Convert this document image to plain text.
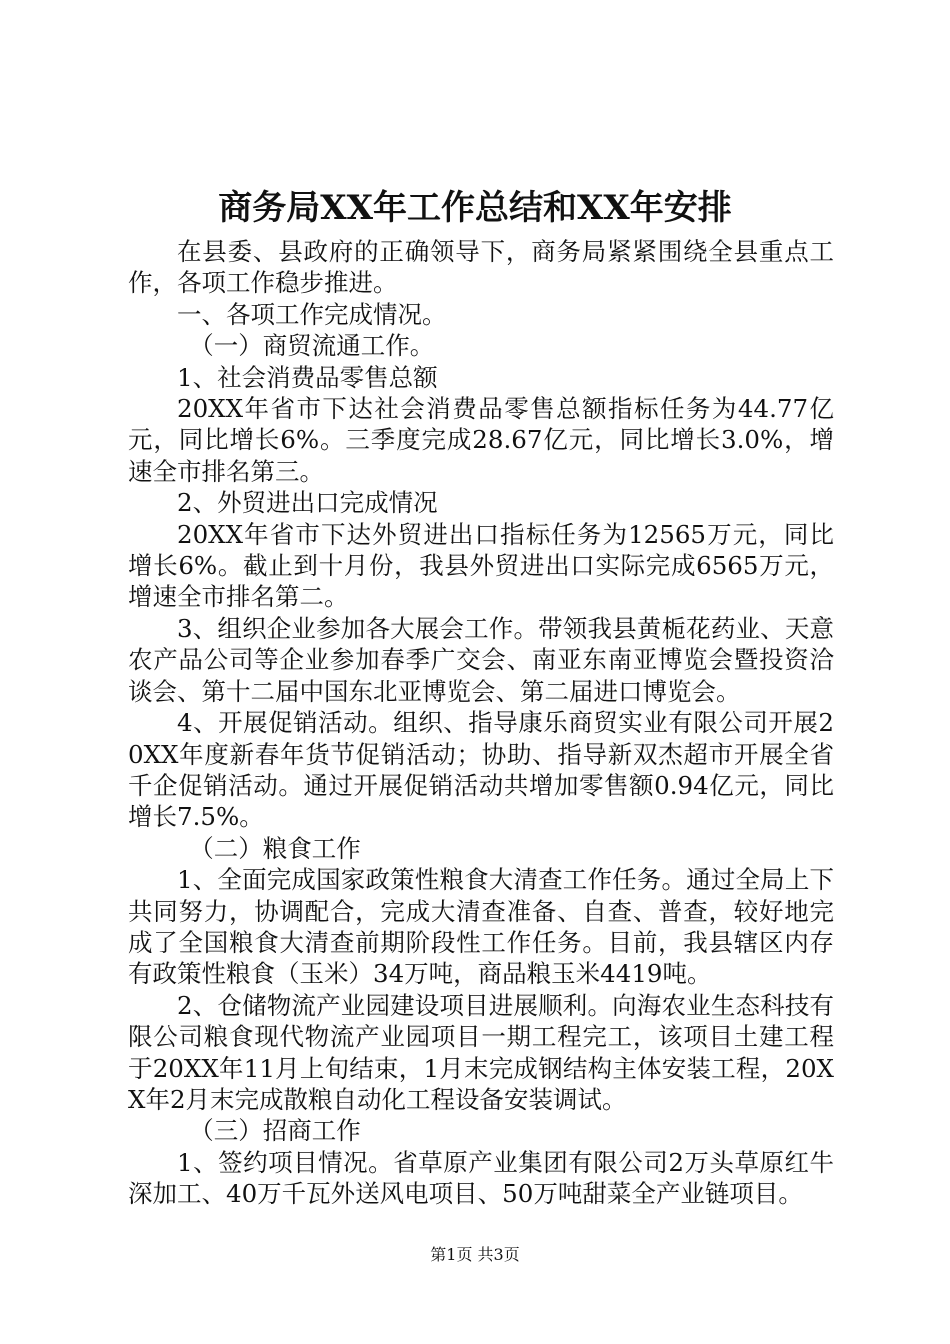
商务局XX年工作总结和XX年安排

在县委、县政府的正确领导下，商务局紧紧围绕全县重点工作，各项工作稳步推进。

一、各项工作完成情况。

（一）商贸流通工作。

1、社会消费品零售总额

20XX年省市下达社会消费品零售总额指标任务为44.77亿元，同比增长6%。三季度完成28.67亿元，同比增长3.0%，增速全市排名第三。

2、外贸进出口完成情况

20XX年省市下达外贸进出口指标任务为12565万元，同比增长6%。截止到十月份，我县外贸进出口实际完成6565万元，增速全市排名第二。

3、组织企业参加各大展会工作。带领我县黄栀花药业、天意农产品公司等企业参加春季广交会、南亚东南亚博览会暨投资洽谈会、第十二届中国东北亚博览会、第二届进口博览会。

4、开展促销活动。组织、指导康乐商贸实业有限公司开展20XX年度新春年货节促销活动；协助、指导新双杰超市开展全省千企促销活动。通过开展促销活动共增加零售额0.94亿元，同比增长7.5%。

（二）粮食工作

1、全面完成国家政策性粮食大清查工作任务。通过全局上下共同努力，协调配合，完成大清查准备、自查、普查，较好地完成了全国粮食大清查前期阶段性工作任务。目前，我县辖区内存有政策性粮食（玉米）34万吨，商品粮玉米4419吨。

2、仓储物流产业园建设项目进展顺利。向海农业生态科技有限公司粮食现代物流产业园项目一期工程完工，该项目土建工程于20XX年11月上旬结束，1月末完成钢结构主体安装工程，20XX年2月末完成散粮自动化工程设备安装调试。

（三）招商工作

1、签约项目情况。省草原产业集团有限公司2万头草原红牛深加工、40万千瓦外送风电项目、50万吨甜菜全产业链项目。

第1页 共3页
